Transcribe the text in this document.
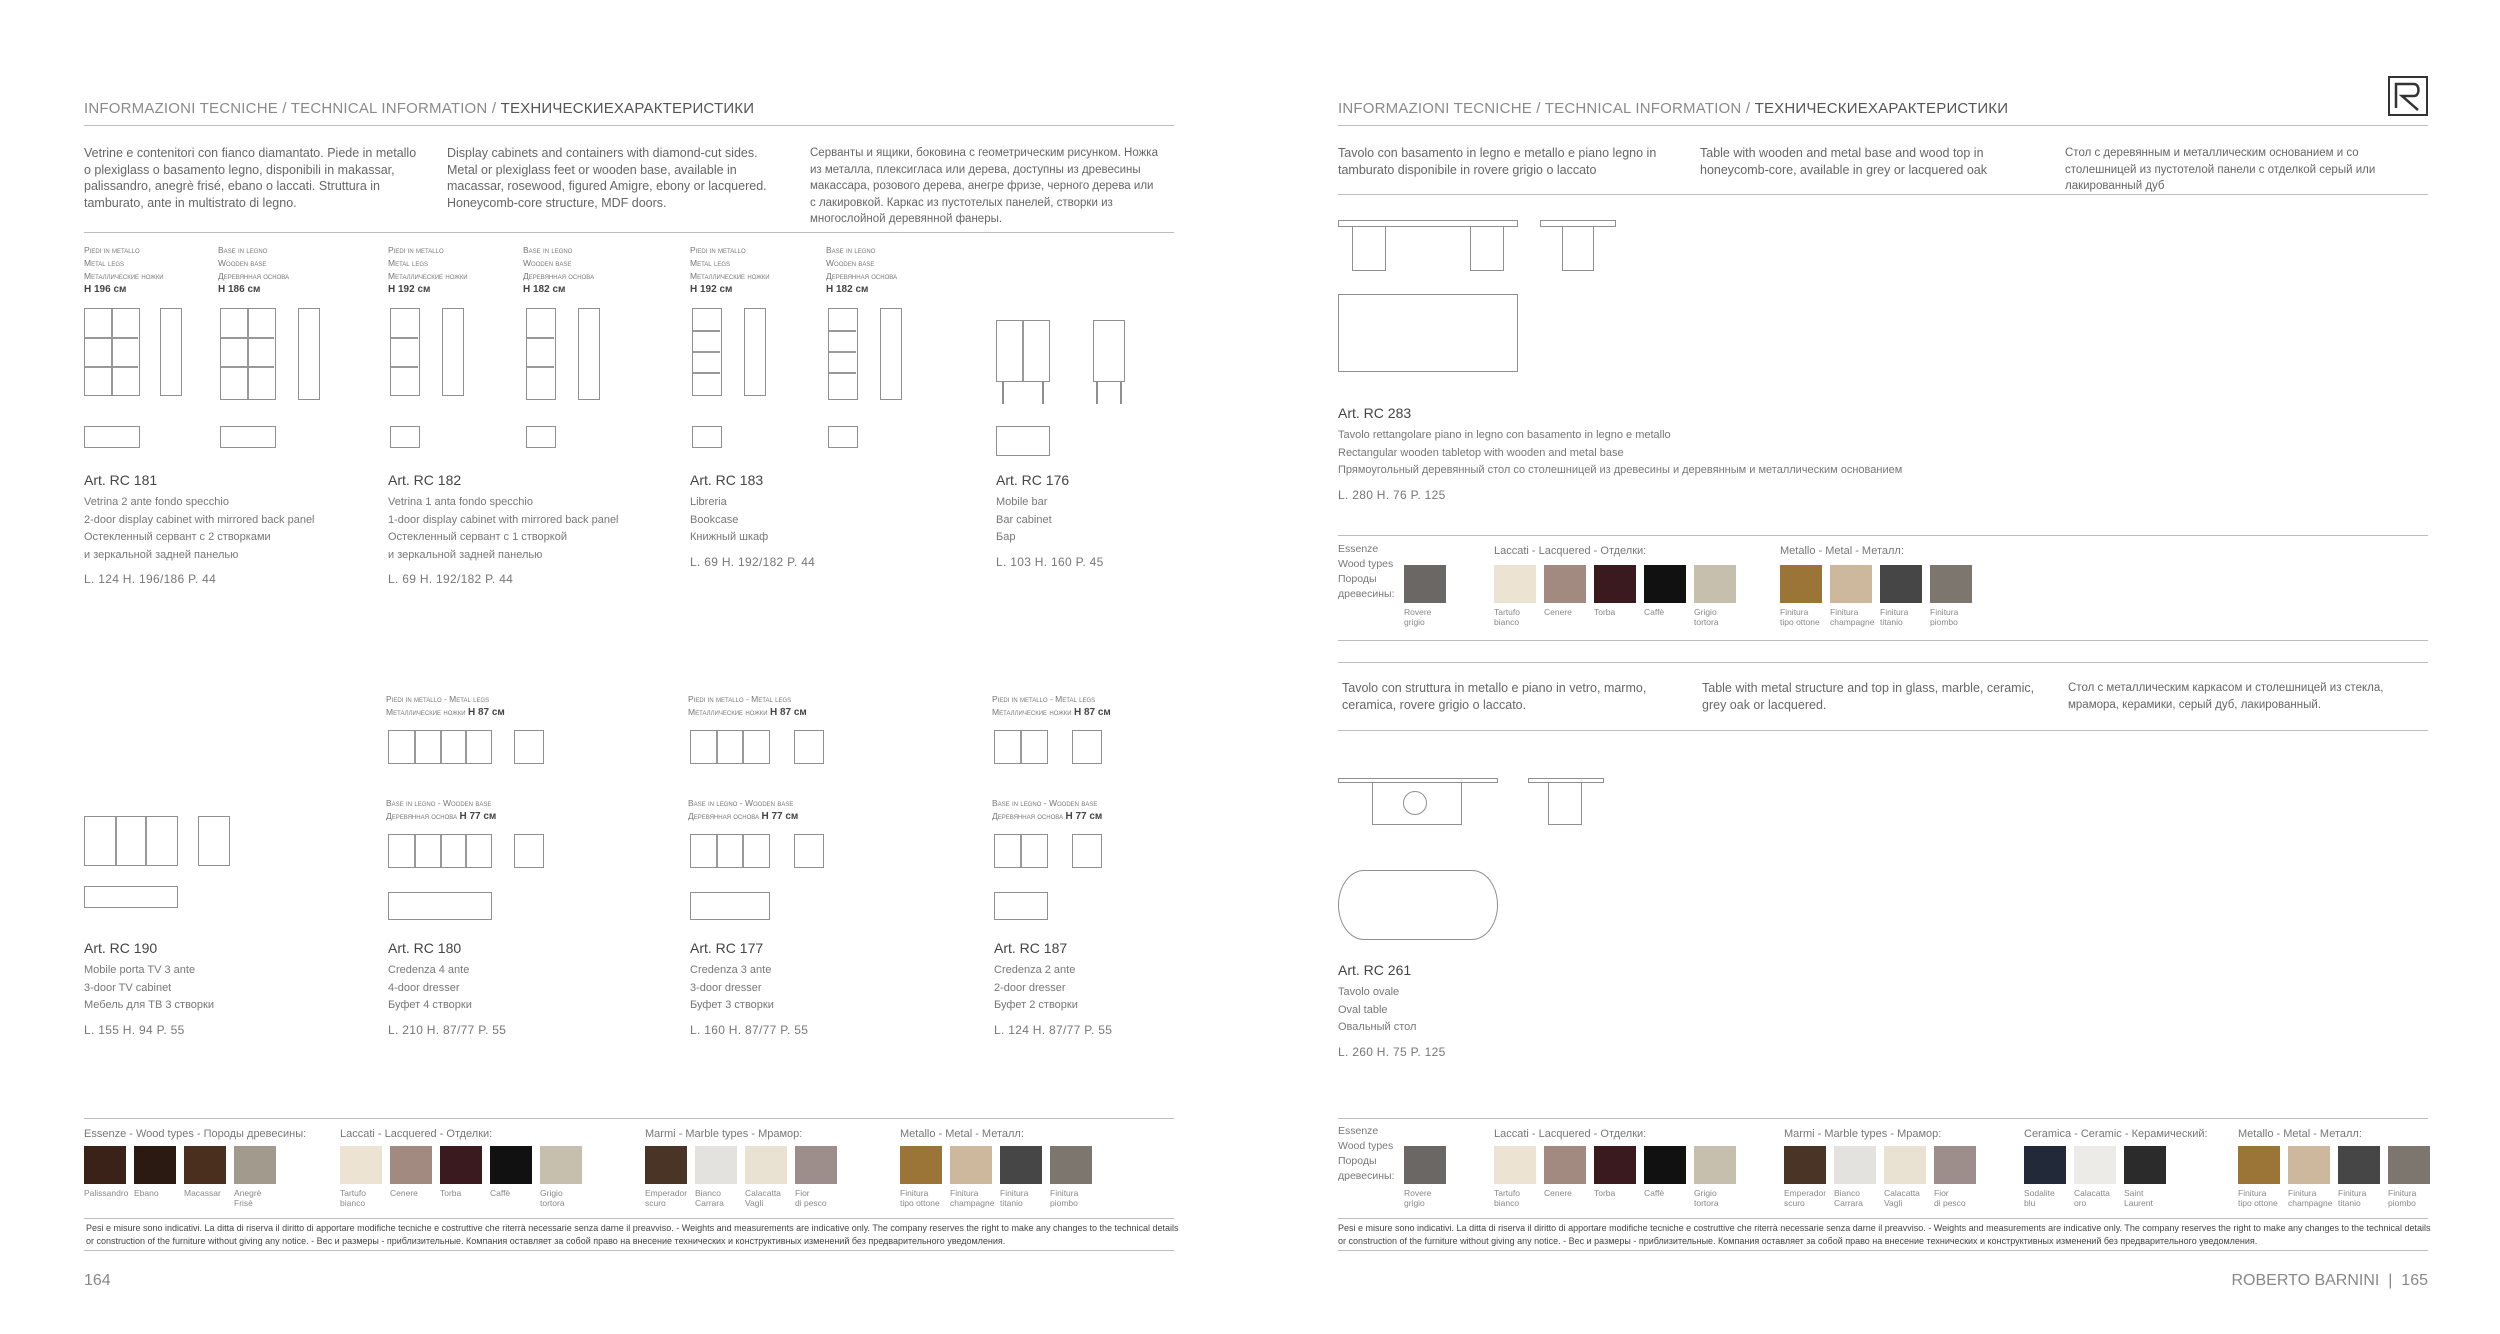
INFORMAZIONI TECNICHE / TECHNICAL INFORMATION / ТЕХНИЧЕСКИЕХАРАКТЕРИСТИКИ
Vetrine e contenitori con fianco diamantato. Piede in metallo o plexiglass o basamento legno, disponibili in makassar, palissandro, anegrè frisé, ebano o laccati. Struttura in tamburato, ante in multistrato di legno.
Display cabinets and containers with diamond-cut sides. Metal or plexiglass feet or wooden base, available in macassar, rosewood, figured Amigre, ebony or lacquered. Honeycomb-core structure, MDF doors.
Серванты и ящики, боковина с геометрическим рисунком. Ножка из металла, плексигласа или дерева, доступны из древесины макассара, розового дерева, анегре фризе, черного дерева или с лакировкой. Каркас из пустотелых панелей, створки из многослойной деревянной фанеры.
Piedi in metallo
Metal legs
Металлические ножки
H 196 см
Base in legno
Wooden base
Деревянная основа
H 186 см
Piedi in metallo
Metal legs
Металлические ножки
H 192 см
Base in legno
Wooden base
Деревянная основа
H 182 см
Piedi in metallo
Metal legs
Металлические ножки
H 192 см
Base in legno
Wooden base
Деревянная основа
H 182 см
Art. RC 181
Vetrina 2 ante fondo specchio
2-door display cabinet with mirrored back panel
Остекленный сервант с 2 створками
и зеркальной задней панелью
L. 124 H. 196/186 P. 44
Art. RC 182
Vetrina 1 anta fondo specchio
1-door display cabinet with mirrored back panel
Остекленный сервант с 1 створкой
и зеркальной задней панелью
L. 69 H. 192/182 P. 44
Art. RC 183
Libreria
Bookcase
Книжный шкаф
L. 69 H. 192/182 P. 44
Art. RC 176
Mobile bar
Bar cabinet
Бар
L. 103 H. 160 P. 45
Piedi in metallo - Metal legs
Металлические ножки H 87 см
Base in legno - Wooden base
Деревянная основа H 77 см
Piedi in metallo - Metal legs
Металлические ножки H 87 см
Base in legno - Wooden base
Деревянная основа H 77 см
Piedi in metallo - Metal legs
Металлические ножки H 87 см
Base in legno - Wooden base
Деревянная основа H 77 см
Art. RC 190
Mobile porta TV 3 ante
3-door TV cabinet
Мебель для ТВ 3 створки
L. 155 H. 94 P. 55
Art. RC 180
Credenza 4 ante
4-door dresser
Буфет 4 створки
L. 210 H. 87/77 P. 55
Art. RC 177
Credenza 3 ante
3-door dresser
Буфет 3 створки
L. 160 H. 87/77 P. 55
Art. RC 187
Credenza 2 ante
2-door dresser
Буфет 2 створки
L. 124 H. 87/77 P. 55
Essenze - Wood types - Породы древесины:	Laccati - Lacquered - Отделки:	Marmi - Marble types - Мрамор:	Metallo - Metal - Металл:
Palissandro Ebano	Macassar Anegrè
Frisè
Tartufo
bianco
Cenere	Torba	Caffè	Grigio
tortora
Emperador
scuro
Bianco
Carrara
Calacatta
Vagli
Fior
di pesco
Finitura
tipo ottone
Finitura
champagne
Finitura
titanio
Finitura
piombo
Pesi e misure sono indicativi. La ditta di riserva il diritto di apportare modifiche tecniche e costruttive che riterrà necessarie senza darne il preavviso. - Weights and measurements are indicative only. The company reserves the right to make any changes to the technical details
or construction of the furniture without giving any notice. - Вес и размеры - приблизительные. Компания оставляет за собой право на внесение технических и конструктивных изменений без предварительного уведомления.
164
INFORMAZIONI TECNICHE / TECHNICAL INFORMATION / ТЕХНИЧЕСКИЕХАРАКТЕРИСТИКИ
Tavolo con basamento in legno e metallo e piano legno in tamburato disponibile in rovere grigio o laccato
Table with wooden and metal base and wood top in honeycomb-core, available in grey or lacquered oak
Стол с деревянным и металлическим основанием и со столешницей из пустотелой панели с отделкой серый или лакированный дуб
Art. RC 283
Tavolo rettangolare piano in legno con basamento in legno e metallo
Rectangular wooden tabletop with wooden and metal base
Прямоугольный деревянный стол со столешницей из древесины и деревянным и металлическим основанием
L. 280 H. 76 P. 125
Essenze
Wood types
Породы
древесины:
Laccati - Lacquered - Отделки:	Metallo - Metal - Металл:
Tavolo con struttura in metallo e piano in vetro, marmo, ceramica, rovere grigio o laccato.
Table with metal structure and top in glass, marble, ceramic, grey oak or lacquered.
Стол с металлическим каркасом и столешницей из стекла, мрамора, керамики, серый дуб, лакированный.
Art. RC 261
Tavolo ovale
Oval table
Овальный стол
L. 260 H. 75 P. 125
Essenze
Wood types
Породы
древесины:
Laccati - Lacquered - Отделки:	Marmi - Marble types - Мрамор:	Ceramica - Ceramic - Керамический:	Metallo - Metal - Металл:
Rovere
grigio
Tartufo
bianco
Cenere	Torba	Caffè	Grigio
tortora
Finitura
tipo ottone
Finitura
champagne
Finitura
titanio
Finitura
piombo
Rovere
grigio
Tartufo
bianco
Cenere	Torba	Caffè	Grigio
tortora
Emperador
scuro
Bianco
Carrara
Calacatta
Vagli
Fior
di pesco
Sodalite
blu
Calacatta
oro
Saint
Laurent
Finitura
tipo ottone
Finitura
champagne
Finitura
titanio
Finitura
piombo
Pesi e misure sono indicativi. La ditta di riserva il diritto di apportare modifiche tecniche e costruttive che riterrà necessarie senza darne il preavviso. - Weights and measurements are indicative only. The company reserves the right to make any changes to the technical details
or construction of the furniture without giving any notice. - Вес и размеры - приблизительные. Компания оставляет за собой право на внесение технических и конструктивных изменений без предварительного уведомления.
ROBERTO BARNINI  |  165
